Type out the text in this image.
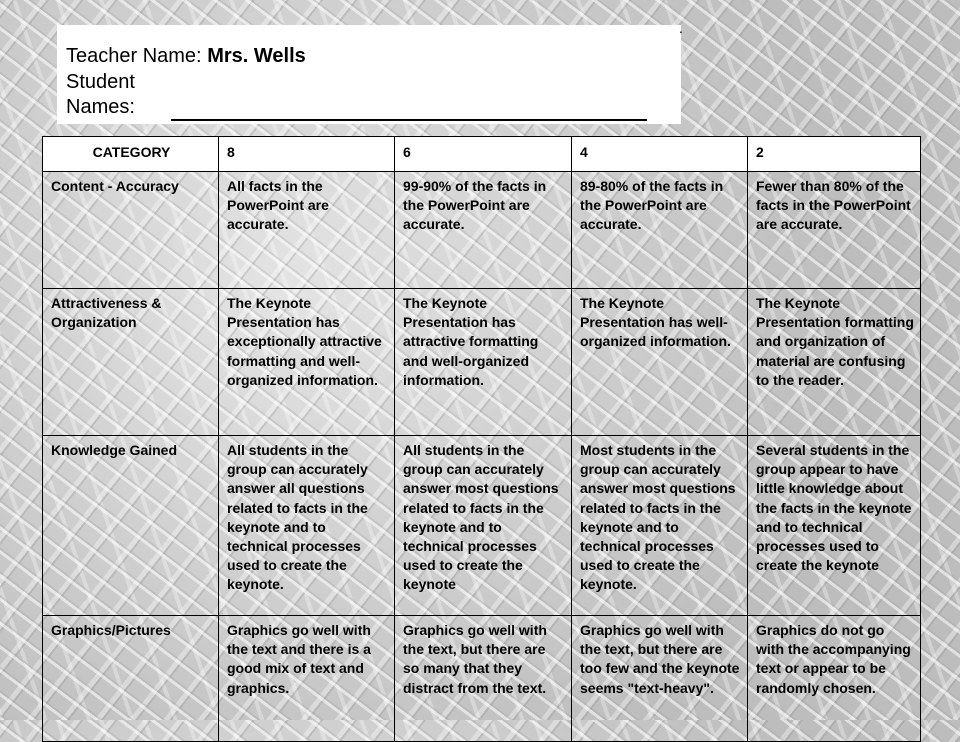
Teacher Name: Mrs. Wells
Student
Names:
.
CATEGORY	8	6	4	2
Content - Accuracy	All facts in the PowerPoint are accurate.	99-90% of the facts in the PowerPoint are accurate.	89-80% of the facts in the PowerPoint are accurate.	Fewer than 80% of the facts in the PowerPoint are accurate.
Attractiveness & Organization	The Keynote Presentation has exceptionally attractive formatting and well-organized information.	The Keynote Presentation has attractive formatting and well-organized information.	The Keynote Presentation has well-organized information.	The Keynote Presentation formatting and organization of material are confusing to the reader.
Knowledge Gained	All students in the group can accurately answer all questions related to facts in the keynote and to technical processes used to create the keynote.	All students in the group can accurately answer most questions related to facts in the keynote and to technical processes used to create the keynote	Most students in the group can accurately answer most questions related to facts in the keynote and to technical processes used to create the keynote.	Several students in the group appear to have little knowledge about the facts in the keynote and to technical processes used to create the keynote
Graphics/Pictures	Graphics go well with the text and there is a good mix of text and graphics.	Graphics go well with the text, but there are so many that they distract from the text.	Graphics go well with the text, but there are too few and the keynote seems "text-heavy".	Graphics do not go with the accompanying text or appear to be randomly chosen.
